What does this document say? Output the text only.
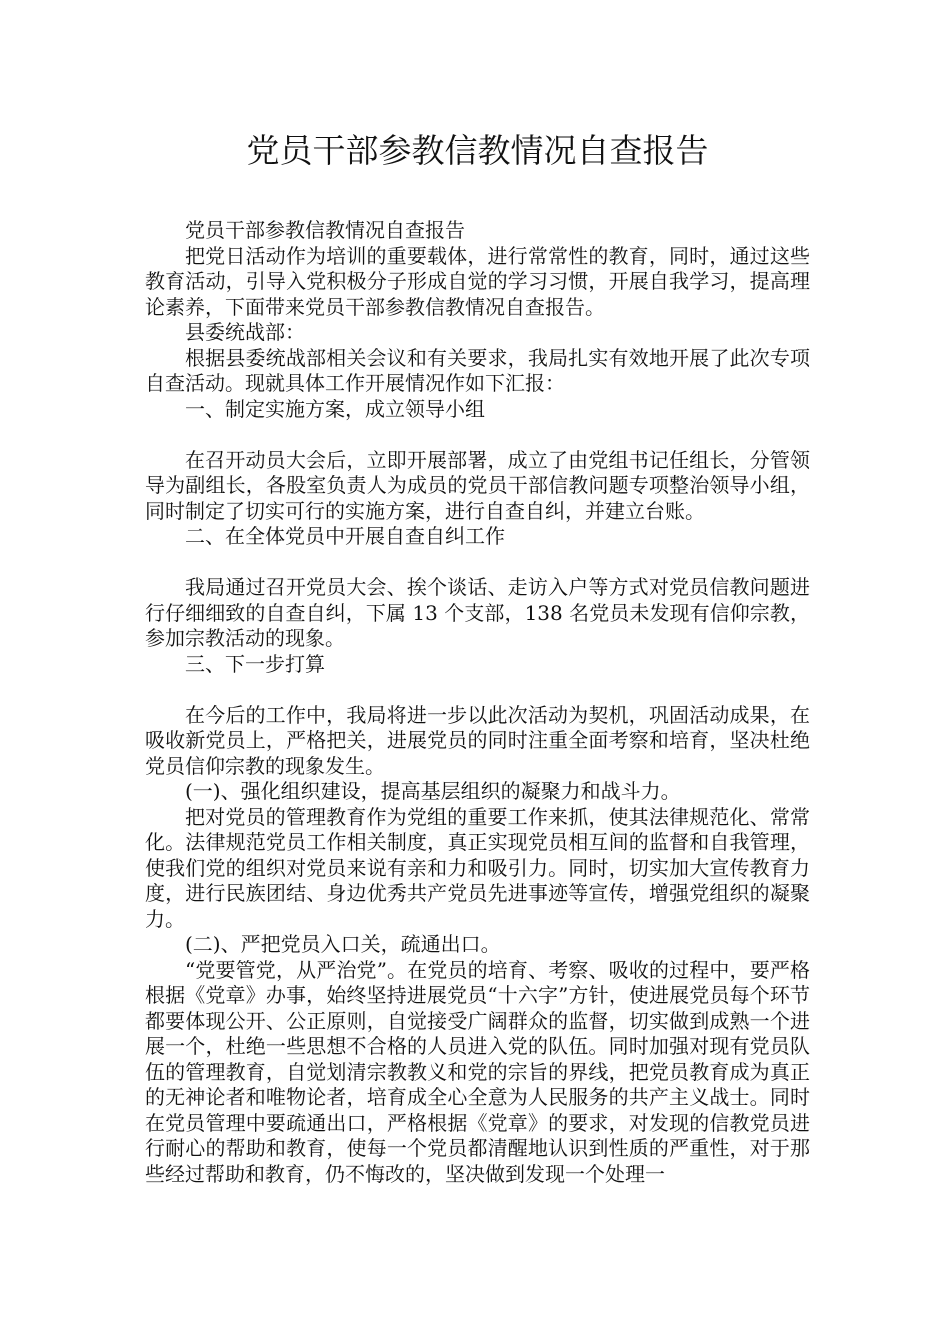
党员干部参教信教情况自查报告

党员干部参教信教情况自查报告

把党日活动作为培训的重要载体，进行常常性的教育，同时，通过这些教育活动，引导入党积极分子形成自觉的学习习惯，开展自我学习，提高理论素养，下面带来党员干部参教信教情况自查报告。

县委统战部：

根据县委统战部相关会议和有关要求，我局扎实有效地开展了此次专项自查活动。现就具体工作开展情况作如下汇报：

一、制定实施方案，成立领导小组

在召开动员大会后，立即开展部署，成立了由党组书记任组长，分管领导为副组长，各股室负责人为成员的党员干部信教问题专项整治领导小组，同时制定了切实可行的实施方案，进行自查自纠，并建立台账。

二、在全体党员中开展自查自纠工作

我局通过召开党员大会、挨个谈话、走访入户等方式对党员信教问题进行仔细细致的自查自纠，下属 13 个支部，138 名党员未发现有信仰宗教，参加宗教活动的现象。

三、下一步打算

在今后的工作中，我局将进一步以此次活动为契机，巩固活动成果，在吸收新党员上，严格把关，进展党员的同时注重全面考察和培育，坚决杜绝党员信仰宗教的现象发生。

(一)、强化组织建设，提高基层组织的凝聚力和战斗力。

把对党员的管理教育作为党组的重要工作来抓，使其法律规范化、常常化。法律规范党员工作相关制度，真正实现党员相互间的监督和自我管理，使我们党的组织对党员来说有亲和力和吸引力。同时，切实加大宣传教育力度，进行民族团结、身边优秀共产党员先进事迹等宣传，增强党组织的凝聚力。

(二)、严把党员入口关，疏通出口。

“党要管党，从严治党”。在党员的培育、考察、吸收的过程中，要严格根据《党章》办事，始终坚持进展党员“十六字”方针，使进展党员每个环节都要体现公开、公正原则，自觉接受广阔群众的监督，切实做到成熟一个进展一个，杜绝一些思想不合格的人员进入党的队伍。同时加强对现有党员队伍的管理教育，自觉划清宗教教义和党的宗旨的界线，把党员教育成为真正的无神论者和唯物论者，培育成全心全意为人民服务的共产主义战士。同时在党员管理中要疏通出口，严格根据《党章》的要求，对发现的信教党员进行耐心的帮助和教育，使每一个党员都清醒地认识到性质的严重性，对于那些经过帮助和教育，仍不悔改的，坚决做到发现一个处理一
